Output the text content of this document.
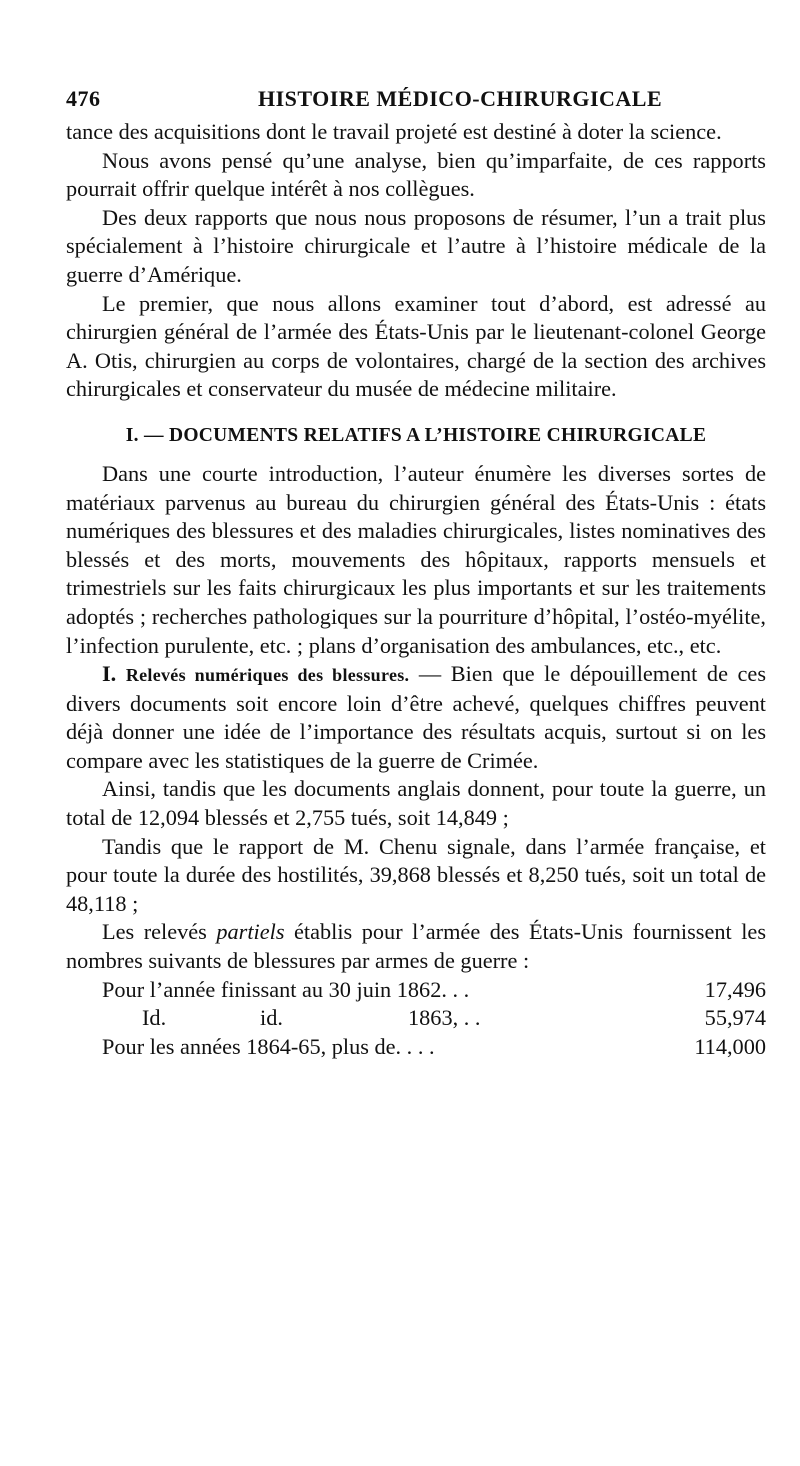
476	HISTOIRE MÉDICO-CHIRURGICALE

tance des acquisitions dont le travail projeté est destiné à doter la science.

Nous avons pensé qu’une analyse, bien qu’imparfaite, de ces rapports pourrait offrir quelque intérêt à nos collègues.

Des deux rapports que nous nous proposons de résumer, l’un a trait plus spécialement à l’histoire chirurgicale et l’autre à l’histoire médicale de la guerre d’Amérique.

Le premier, que nous allons examiner tout d’abord, est adressé au chirurgien général de l’armée des États-Unis par le lieutenant-colonel George A. Otis, chirurgien au corps de volontaires, chargé de la section des archives chirurgicales et conservateur du musée de médecine militaire.

I. — DOCUMENTS RELATIFS A L’HISTOIRE CHIRURGICALE

Dans une courte introduction, l’auteur énumère les diverses sortes de matériaux parvenus au bureau du chirurgien général des États-Unis : états numériques des blessures et des maladies chirurgicales, listes nominatives des blessés et des morts, mouvements des hôpitaux, rapports mensuels et trimestriels sur les faits chirurgicaux les plus importants et sur les traitements adoptés ; recherches pathologiques sur la pourriture d’hôpital, l’ostéo-myélite, l’infection purulente, etc. ; plans d’organisation des ambulances, etc., etc.

I. Relevés numériques des blessures. — Bien que le dépouillement de ces divers documents soit encore loin d’être achevé, quelques chiffres peuvent déjà donner une idée de l’importance des résultats acquis, surtout si on les compare avec les statistiques de la guerre de Crimée.

Ainsi, tandis que les documents anglais donnent, pour toute la guerre, un total de 12,094 blessés et 2,755 tués, soit 14,849 ;

Tandis que le rapport de M. Chenu signale, dans l’armée française, et pour toute la durée des hostilités, 39,868 blessés et 8,250 tués, soit un total de 48,118 ;

Les relevés partiels établis pour l’armée des États-Unis fournissent les nombres suivants de blessures par armes de guerre :

Pour l’année finissant au 30 juin 1862. . .	17,496
Id.	id.	1863, . .	55,974
Pour les années 1864-65, plus de. . . .	114,000
